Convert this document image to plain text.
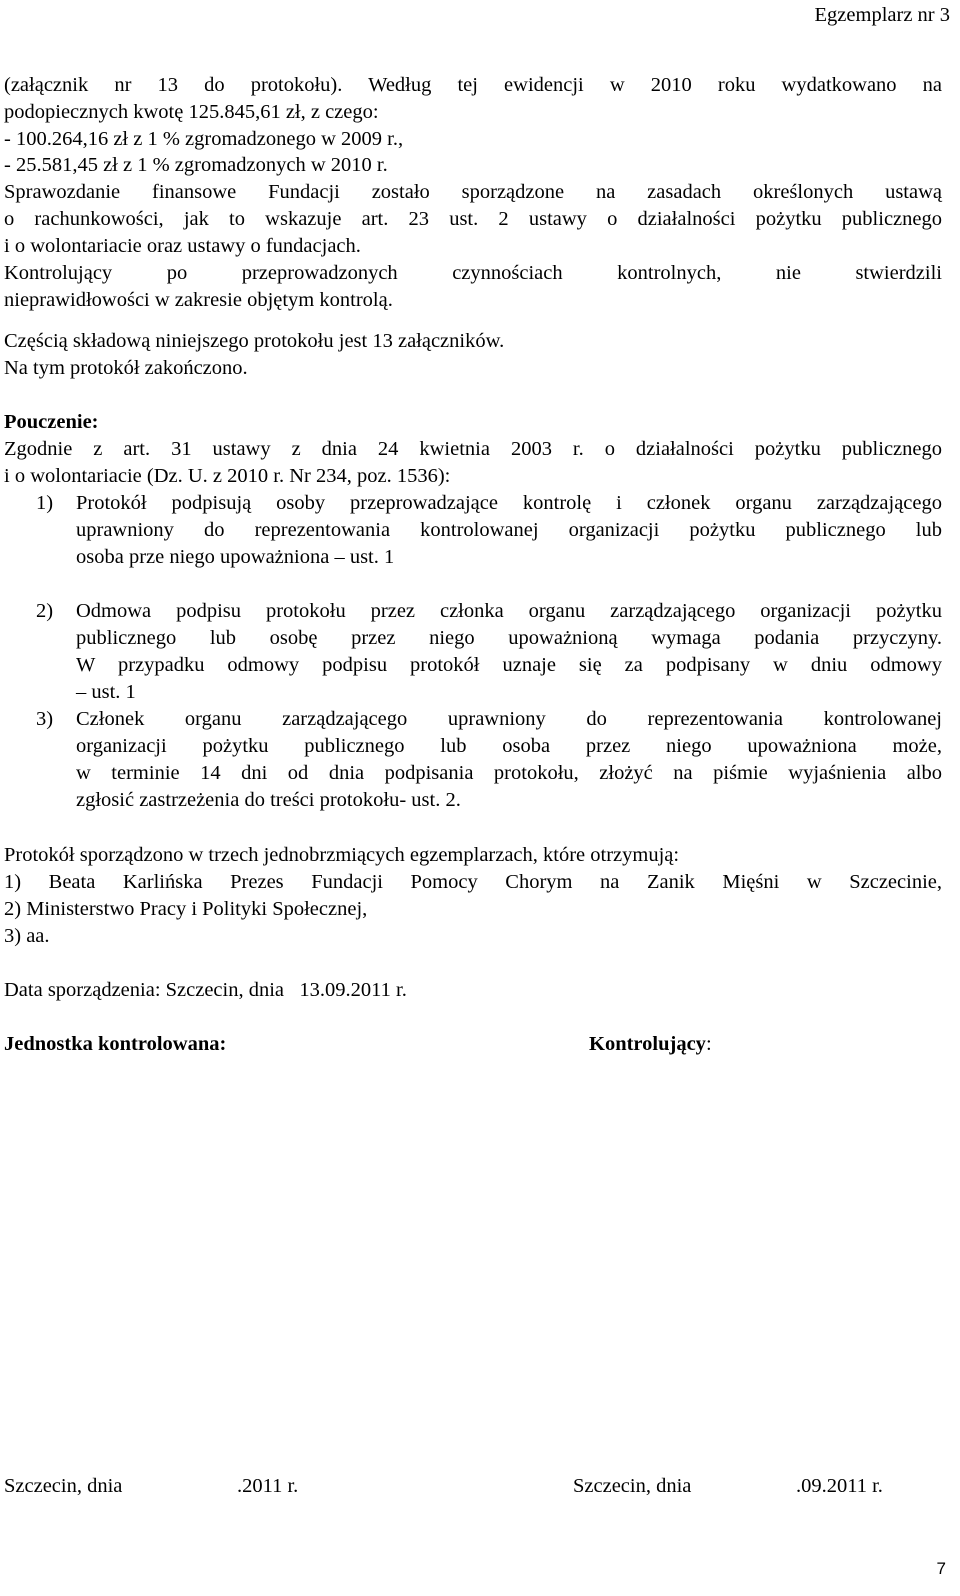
Egzemplarz nr 3
(załącznik nr 13 do protokołu). Według tej ewidencji w 2010 roku wydatkowano na
podopiecznych kwotę 125.845,61 zł, z czego:
- 100.264,16 zł z 1 % zgromadzonego w 2009 r.,
- 25.581,45 zł z 1 % zgromadzonych w 2010 r.
Sprawozdanie finansowe Fundacji zostało sporządzone na zasadach określonych ustawą
o rachunkowości, jak to wskazuje art. 23 ust. 2 ustawy o działalności pożytku publicznego
i o wolontariacie oraz ustawy o fundacjach.
Kontrolujący po przeprowadzonych czynnościach kontrolnych, nie stwierdzili
nieprawidłowości w zakresie objętym kontrolą.
Częścią składową niniejszego protokołu jest 13 załączników.
Na tym protokół zakończono.
Pouczenie:
Zgodnie z art. 31 ustawy z dnia 24 kwietnia 2003 r. o działalności pożytku publicznego
i o wolontariacie (Dz. U. z 2010 r. Nr 234, poz. 1536):
1)	Protokół podpisują osoby przeprowadzające kontrolę i członek organu zarządzającego
uprawniony do reprezentowania kontrolowanej organizacji pożytku publicznego lub
osoba prze niego upoważniona – ust. 1
2)	Odmowa podpisu protokołu przez członka organu zarządzającego organizacji pożytku
publicznego lub osobę przez niego upoważnioną wymaga podania przyczyny.
W przypadku odmowy podpisu protokół uznaje się za podpisany w dniu odmowy
– ust. 1
3)	Członek organu zarządzającego uprawniony do reprezentowania kontrolowanej
organizacji pożytku publicznego lub osoba przez niego upoważniona może,
w terminie 14 dni od dnia podpisania protokołu, złożyć na piśmie wyjaśnienia albo
zgłosić zastrzeżenia do treści protokołu- ust. 2.
Protokół sporządzono w trzech jednobrzmiących egzemplarzach, które otrzymują:
1) Beata Karlińska Prezes Fundacji Pomocy Chorym na Zanik Mięśni w Szczecinie,
2) Ministerstwo Pracy i Polityki Społecznej,
3) aa.
Data sporządzenia: Szczecin, dnia   13.09.2011 r.
Jednostka kontrolowana:	Kontrolujący:
Szczecin, dnia	.2011 r.	Szczecin, dnia	.09.2011 r.
7
